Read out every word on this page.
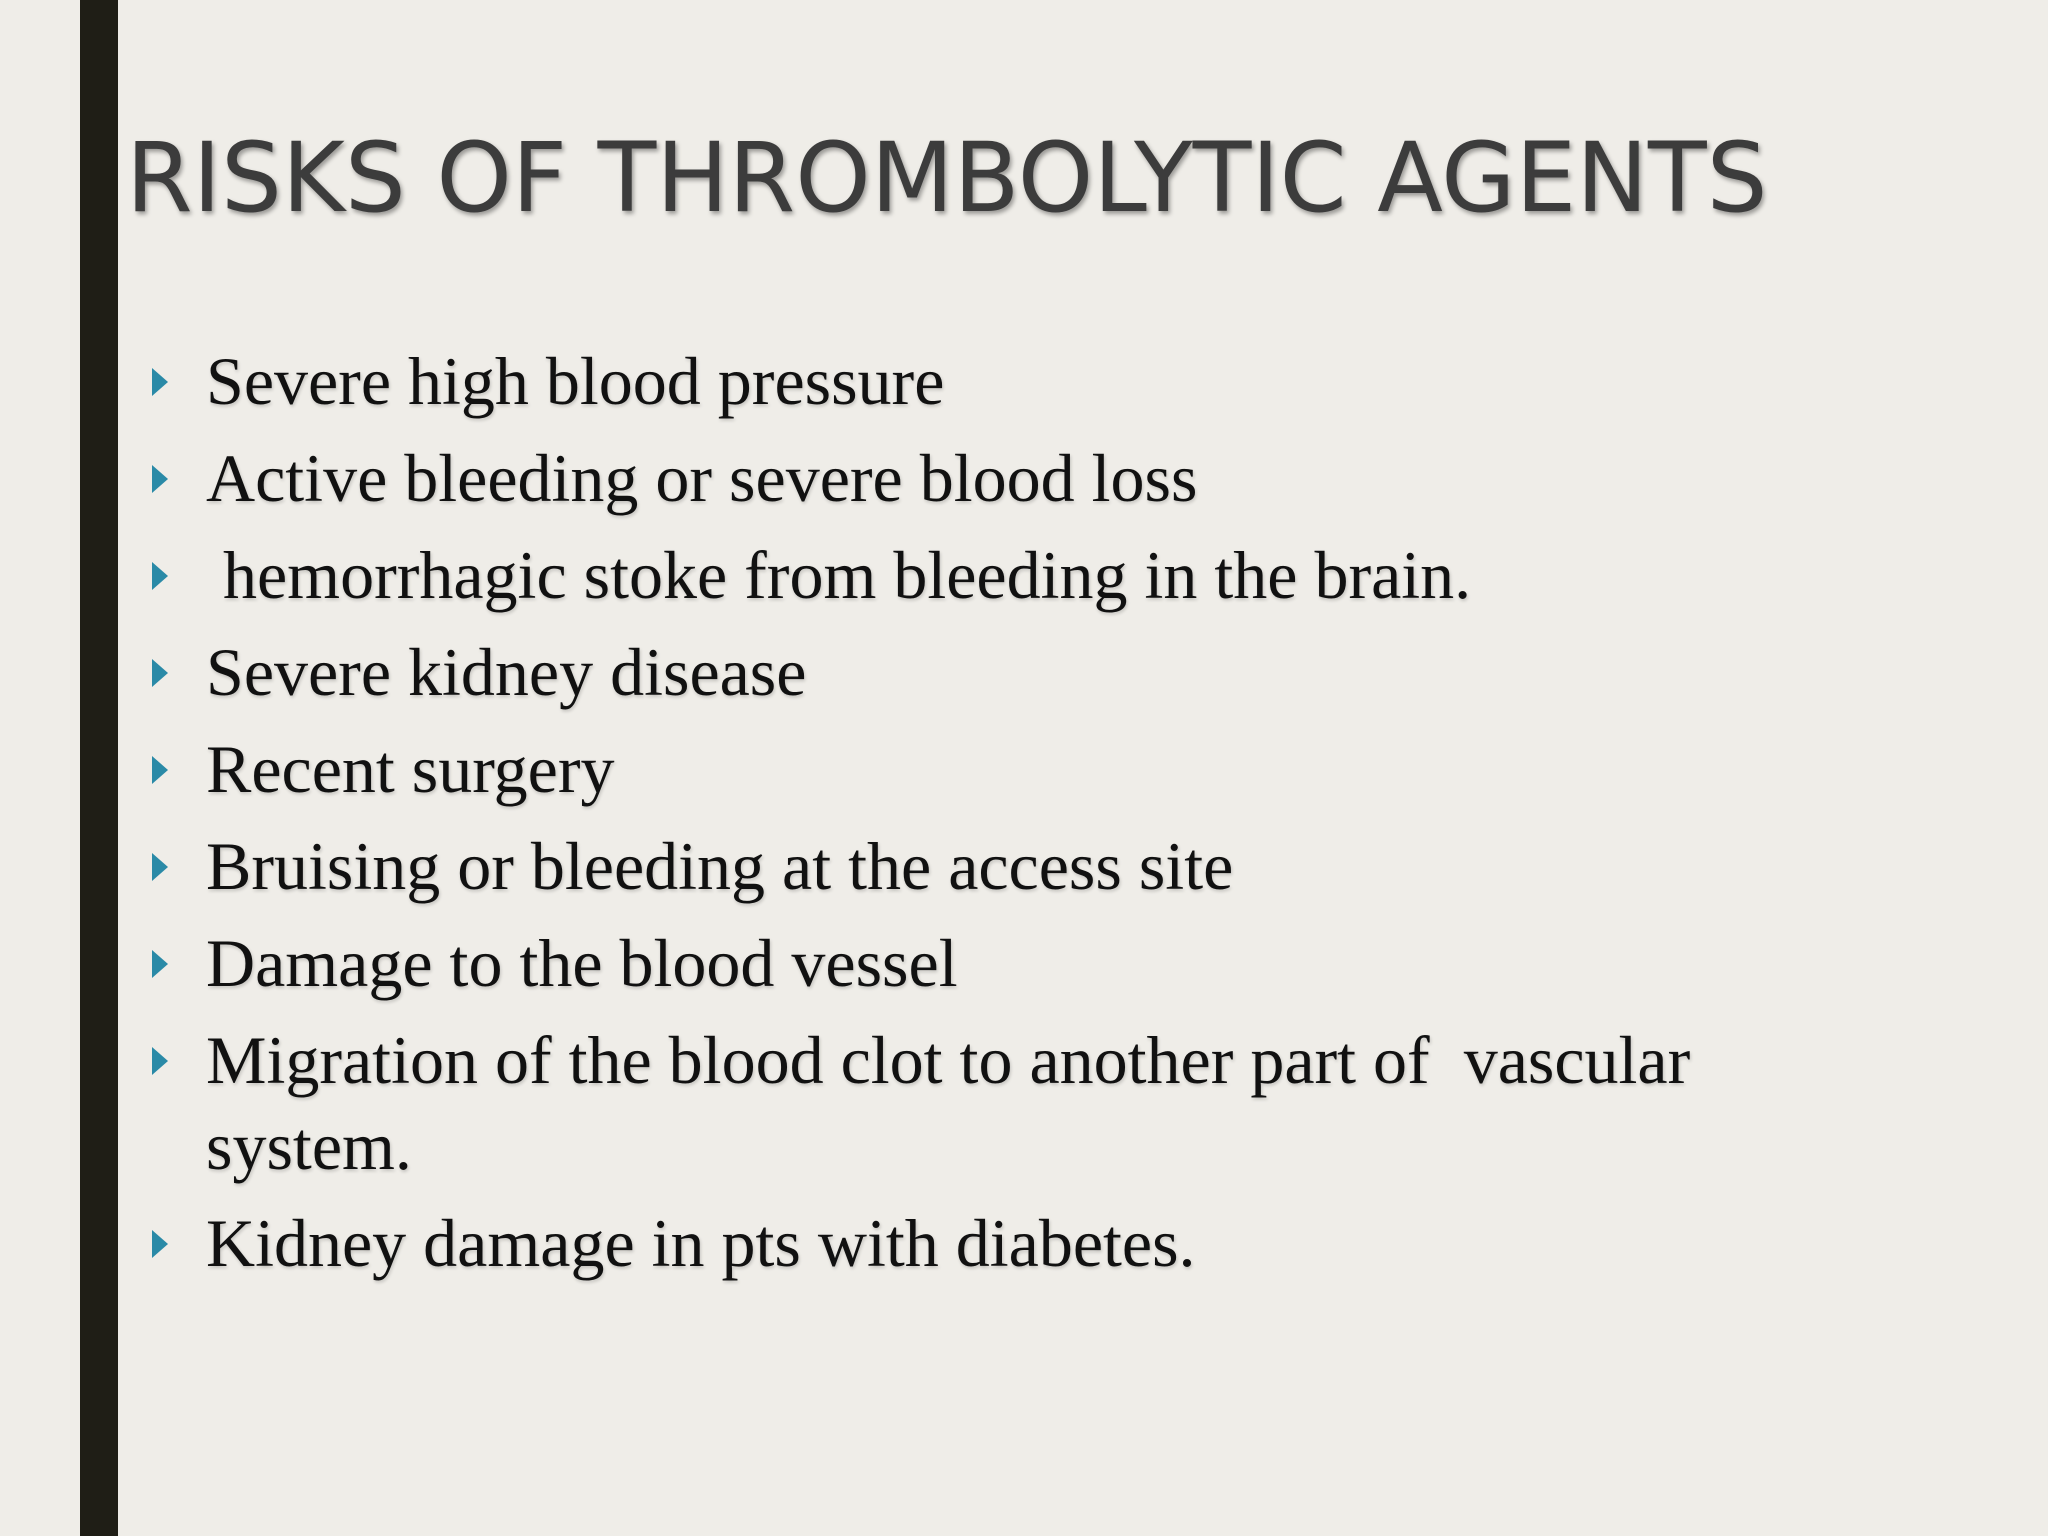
RISKS OF THROMBOLYTIC AGENTS
Severe high blood pressure
Active bleeding or severe blood loss
hemorrhagic stoke from bleeding in the brain.
Severe kidney disease
Recent surgery
Bruising or bleeding at the access site
Damage to the blood vessel
Migration of the blood clot to another part of  vascular system.
Kidney damage in pts with diabetes.
